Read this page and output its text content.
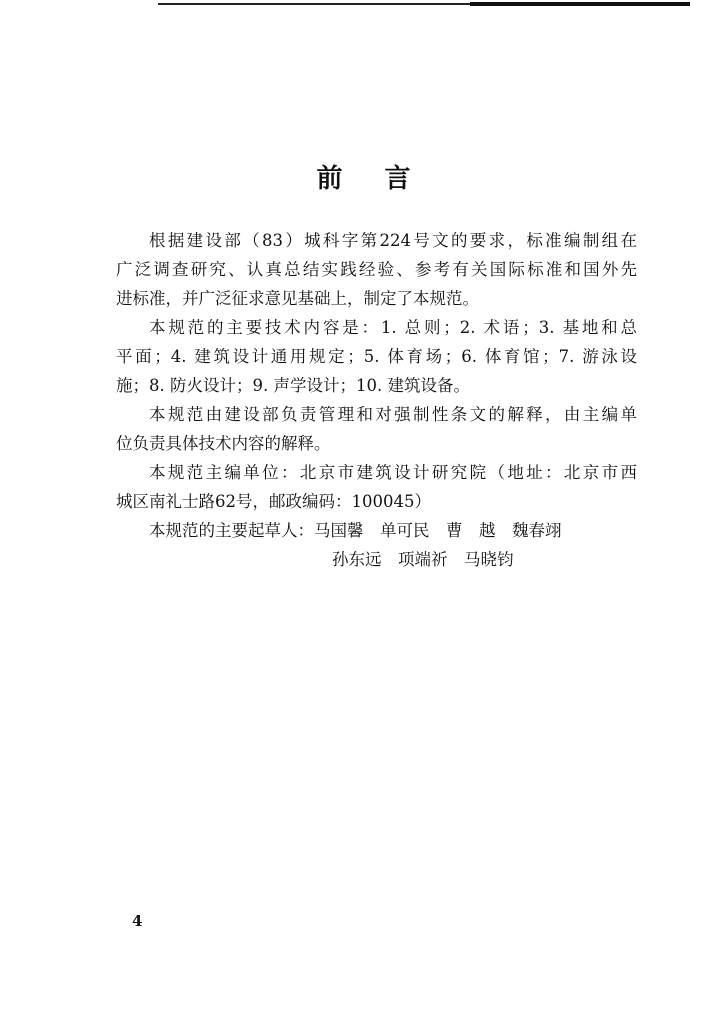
前 言
根据建设部（83）城科字第224号文的要求，标准编制组在
广泛调查研究、认真总结实践经验、参考有关国际标准和国外先
进标准，并广泛征求意见基础上，制定了本规范。
本规范的主要技术内容是：1. 总则；2. 术语；3. 基地和总
平面；4. 建筑设计通用规定；5. 体育场；6. 体育馆；7. 游泳设
施；8. 防火设计；9. 声学设计；10. 建筑设备。
本规范由建设部负责管理和对强制性条文的解释，由主编单
位负责具体技术内容的解释。
本规范主编单位：北京市建筑设计研究院（地址：北京市西
城区南礼士路62号，邮政编码：100045）
本规范的主要起草人：马国馨　单可民　曹　越　魏春翊
孙东远　项端祈　马晓钧
4
